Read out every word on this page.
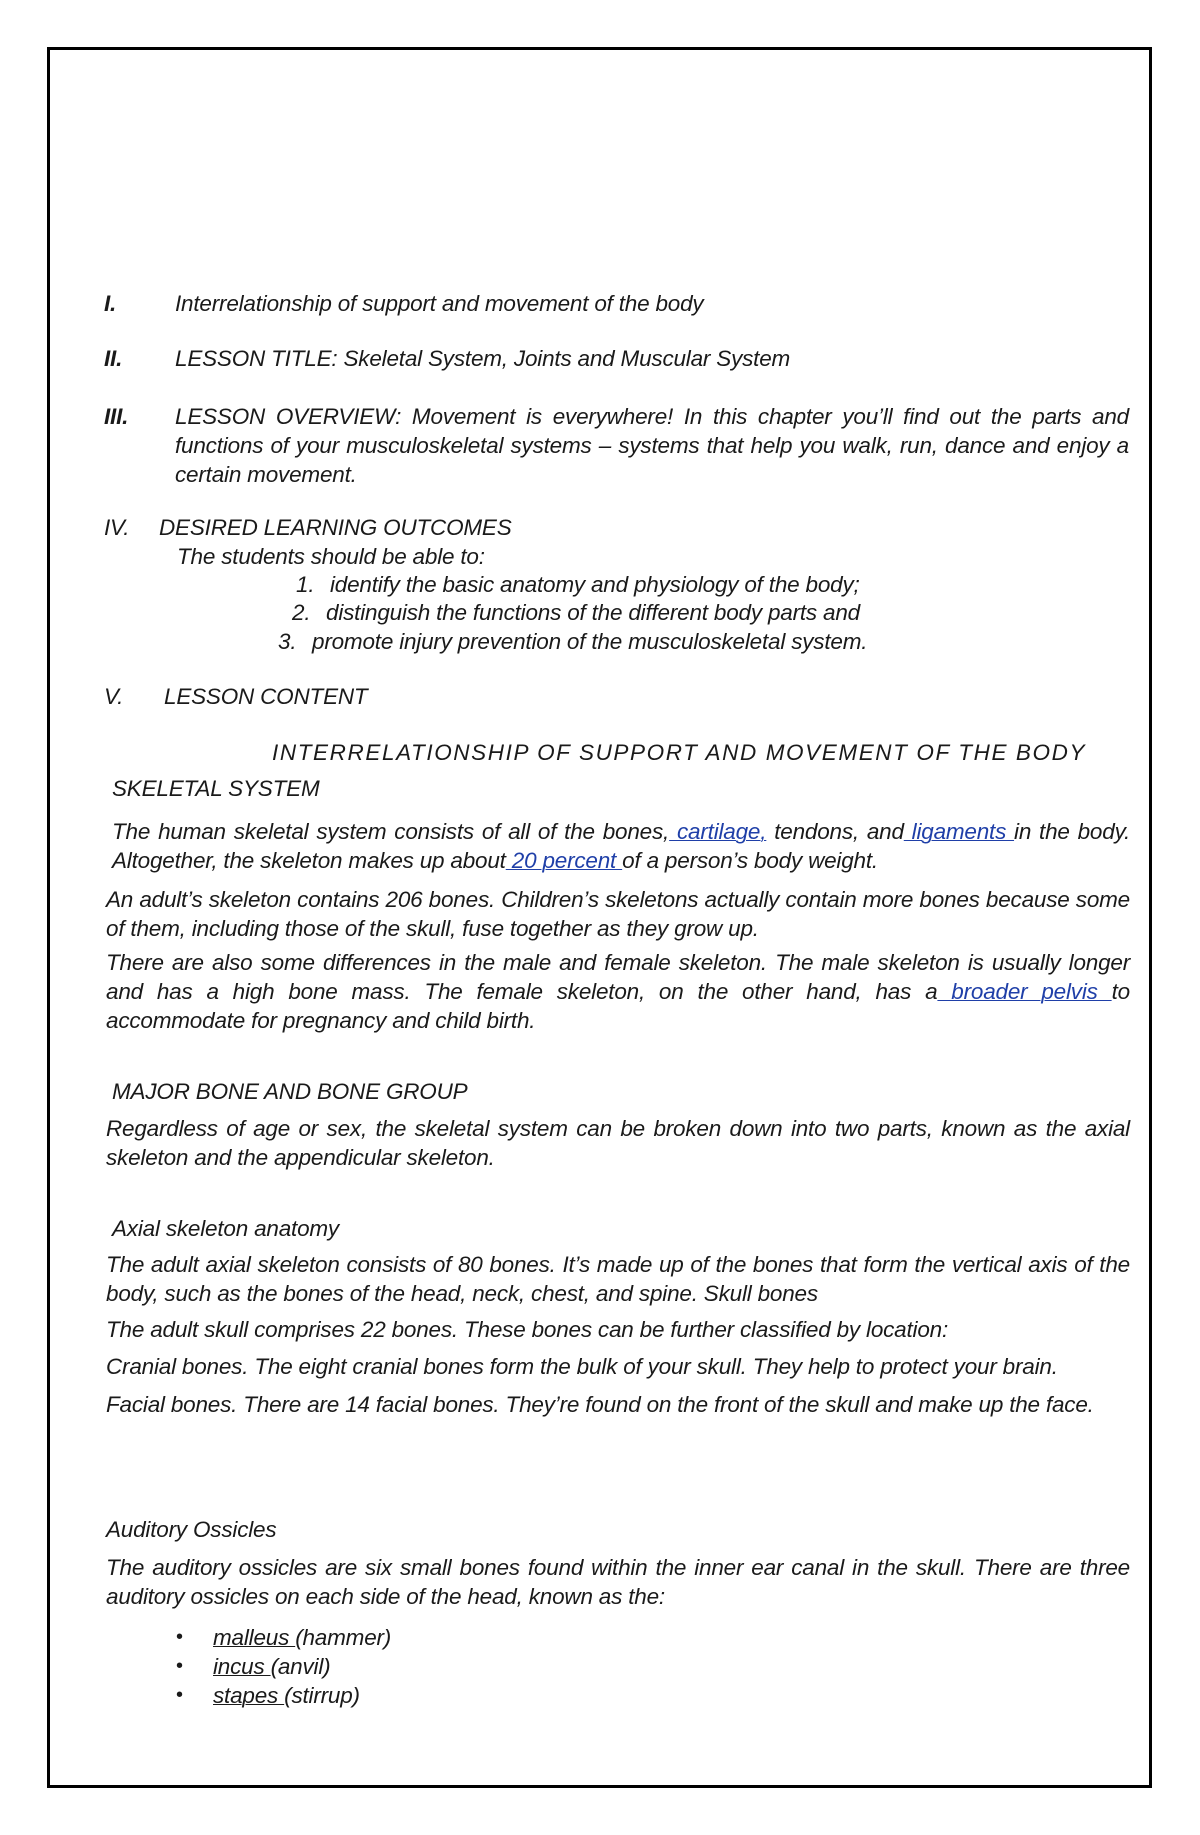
I.	Interrelationship of support and movement of the body
II. LESSON TITLE: Skeletal System, Joints and Muscular System
III. LESSON OVERVIEW: Movement is everywhere! In this chapter you’ll find out the parts and functions of your musculoskeletal systems – systems that help you walk, run, dance and enjoy a certain movement.
IV. DESIRED LEARNING OUTCOMES
The students should be able to:
1. identify the basic anatomy and physiology of the body;
2. distinguish the functions of the different body parts and
3. promote injury prevention of the musculoskeletal system.
V. LESSON CONTENT
INTERRELATIONSHIP OF SUPPORT AND MOVEMENT OF THE BODY
SKELETAL SYSTEM
The human skeletal system consists of all of the bones, cartilage, tendons, and ligaments in the body. Altogether, the skeleton makes up about 20 percent of a person’s body weight.
An adult’s skeleton contains 206 bones. Children’s skeletons actually contain more bones because some of them, including those of the skull, fuse together as they grow up.
There are also some differences in the male and female skeleton. The male skeleton is usually longer and has a high bone mass. The female skeleton, on the other hand, has a broader pelvis to accommodate for pregnancy and child birth.
MAJOR BONE AND BONE GROUP
Regardless of age or sex, the skeletal system can be broken down into two parts, known as the axial skeleton and the appendicular skeleton.
Axial skeleton anatomy
The adult axial skeleton consists of 80 bones. It’s made up of the bones that form the vertical axis of the body, such as the bones of the head, neck, chest, and spine. Skull bones
The adult skull comprises 22 bones. These bones can be further classified by location:
Cranial bones. The eight cranial bones form the bulk of your skull. They help to protect your brain.
Facial bones. There are 14 facial bones. They’re found on the front of the skull and make up the face.
Auditory Ossicles
The auditory ossicles are six small bones found within the inner ear canal in the skull. There are three auditory ossicles on each side of the head, known as the:
• malleus (hammer)
• incus (anvil)
• stapes (stirrup)
